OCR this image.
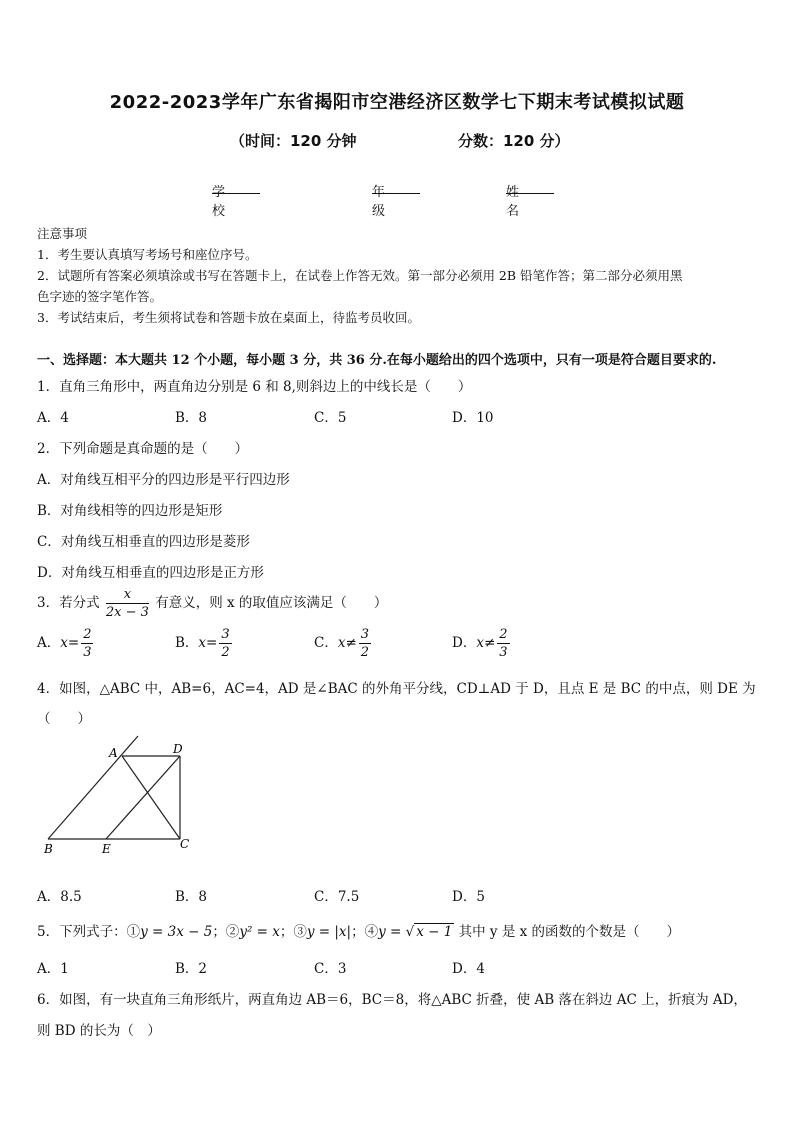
2022-2023学年广东省揭阳市空港经济区数学七下期末考试模拟试题
（时间：120 分钟	分数：120 分）
学校
年级
姓名
注意事项
1．考生要认真填写考场号和座位序号。
2．试题所有答案必须填涂或书写在答题卡上，在试卷上作答无效。第一部分必须用 2B 铅笔作答；第二部分必须用黑
色字迹的签字笔作答。
3．考试结束后，考生须将试卷和答题卡放在桌面上，待监考员收回。
一、选择题：本大题共 12 个小题，每小题 3 分，共 36 分.在每小题给出的四个选项中，只有一项是符合题目要求的.
1．直角三角形中，两直角边分别是 6 和 8,则斜边上的中线长是（　　）
A．4	B．8	C．5	D．10
2．下列命题是真命题的是（　　）
A．对角线互相平分的四边形是平行四边形
B．对角线相等的四边形是矩形
C．对角线互相垂直的四边形是菱形
D．对角线互相垂直的四边形是正方形
3．若分式 $\frac{x}{2x - 3}$ 有意义，则 x 的取值应该满足（　　）
A．$x= \frac{2}{3}$	B．$x= \frac{3}{2}$	C．$x\ne \frac{3}{2}$	D．$x\ne \frac{2}{3}$
4．如图，△ABC 中，AB=6，AC=4，AD 是∠BAC 的外角平分线，CD⊥AD 于 D，且点 E 是 BC 的中点，则 DE 为
（　　）
A	D
B	E	C
A．8.5	B．8	C．7.5	D．5
5．下列式子：①y = 3x − 5；②y² = x；③y = |x|；④y = √ x − 1 其中 y 是 x 的函数的个数是（　　）
A．1	B．2	C．3	D．4
6．如图，有一块直角三角形纸片，两直角边 AB＝6，BC＝8，将△ABC 折叠，使 AB 落在斜边 AC 上，折痕为 AD，
则 BD 的长为（　）
